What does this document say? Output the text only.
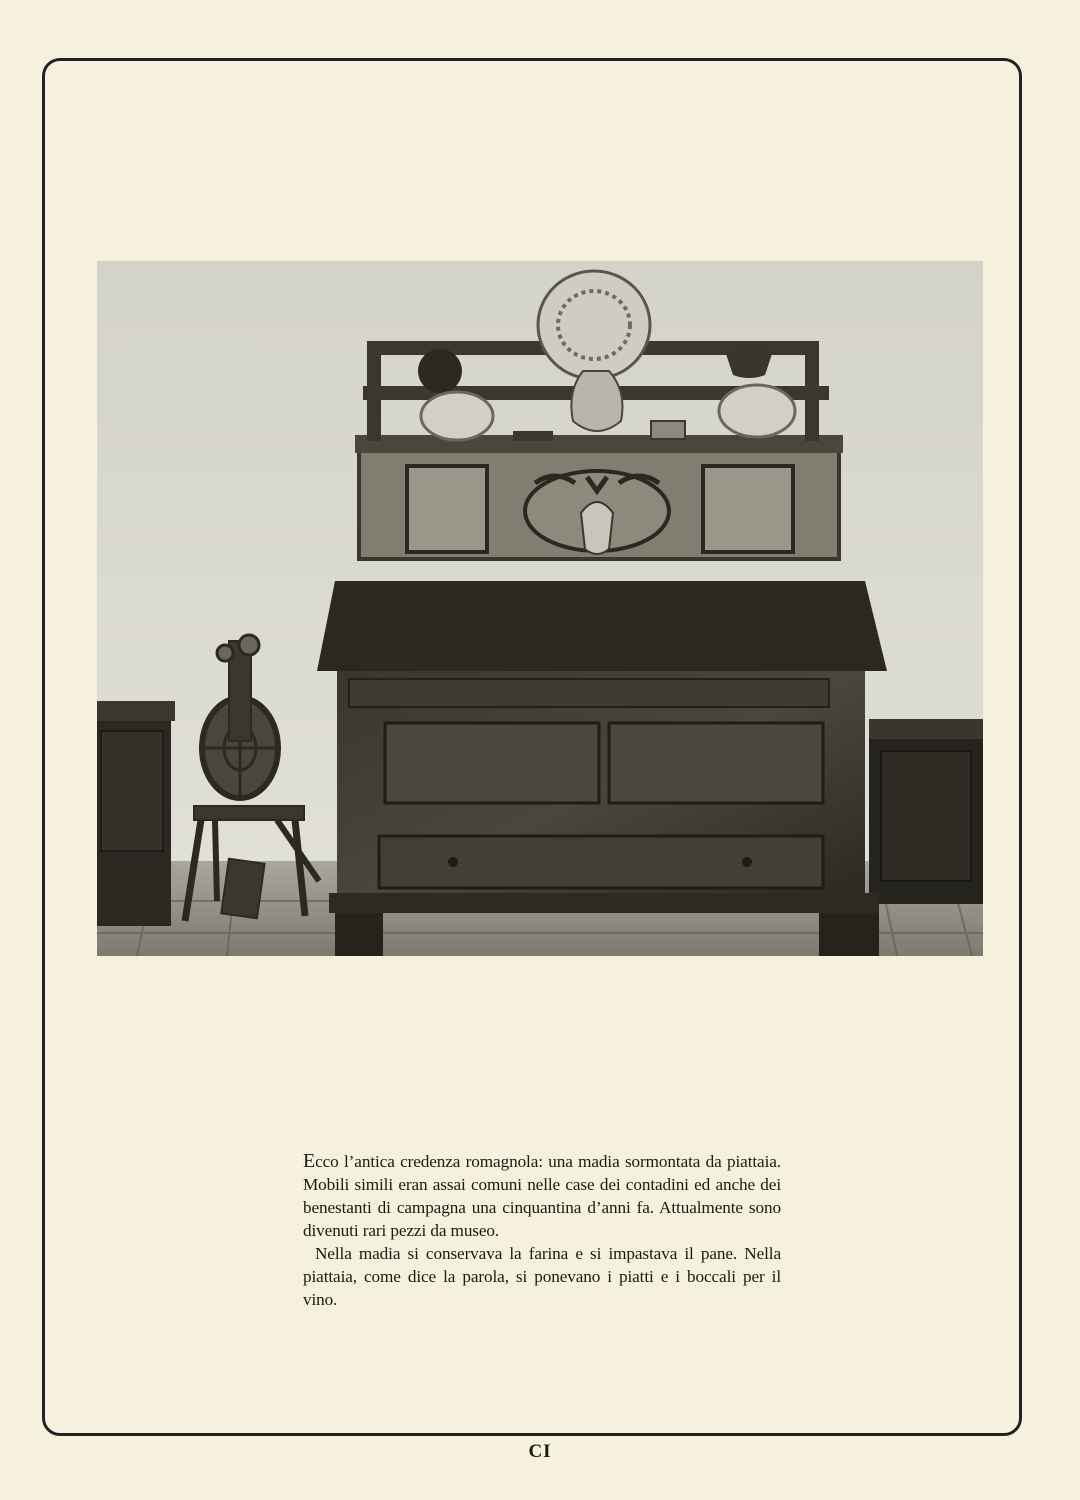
Ecco l’antica credenza romagnola: una madia sormontata da piattaia. Mobili simili eran assai comuni nelle case dei contadini ed anche dei benestanti di campagna una cinquantina d’anni fa. Attualmente sono divenuti rari pezzi da museo.

Nella madia si conservava la farina e si impastava il pane. Nella piattaia, come dice la parola, si ponevano i piatti e i boccali per il vino.

CI
